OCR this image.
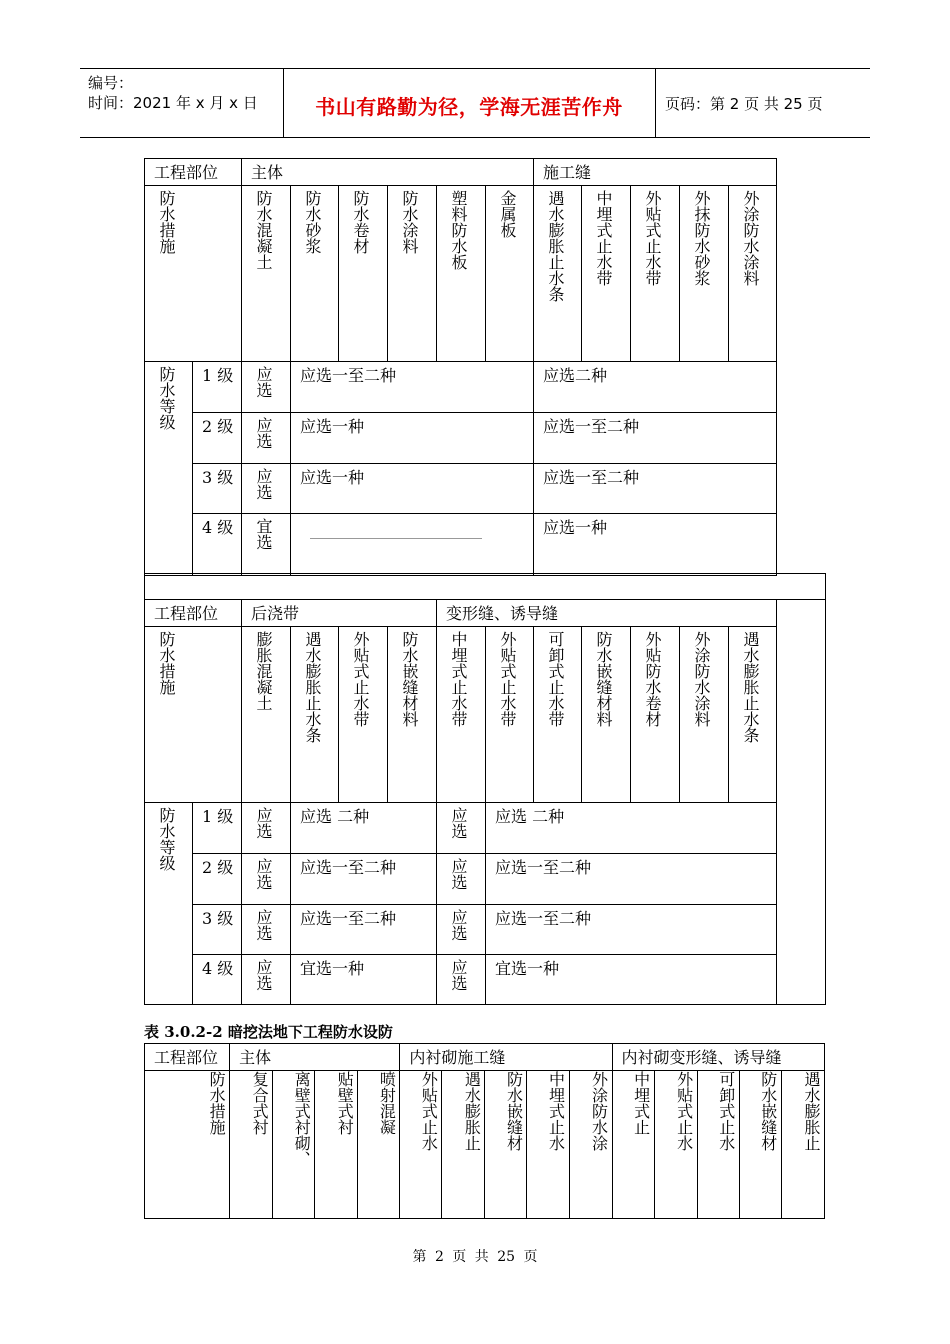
编号：
时间：2021 年 x 月 x 日	书山有路勤为径，学海无涯苦作舟	页码：第 2 页 共 25 页
工程部位		主体						施工缝				
防水措施		防水混凝土	防水砂浆	防水卷材	防水涂料	塑料防水板	金属板	遇水膨胀止水条	中埋式止水带	外贴式止水带	外抹防水砂浆	外涂防水涂料
防水等级	1 级	应选	应选一至二种					应选二种				
	2 级	应选	应选一种					应选一至二种				
	3 级	应选	应选一种					应选一至二种				
	4 级	宜选						应选一种				

工程部位		后浇带				变形缝、诱导缝							
防水措施		膨胀混凝土	遇水膨胀止水条	外贴式止水带	防水嵌缝材料	中埋式止水带	外贴式止水带	可卸式止水带	防水嵌缝材料	外贴防水卷材	外涂防水涂料	遇水膨胀止水条	
防水等级	1 级	应选	应选 二种			应选	应选 二种						
	2 级	应选	应选一至二种			应选	应选一至二种						
	3 级	应选	应选一至二种			应选	应选一至二种						
	4 级	应选	宜选一种			应选	宜选一种						
表 3.0.2-2 暗挖法地下工程防水设防
工程部位	主体				内衬砌施工缝					内衬砌变形缝、诱导缝				
防水措施	复合式衬	离壁式衬砌、	贴壁式衬	喷射混凝	外贴式止水	遇水膨胀止	防水嵌缝材	中埋式止水	外涂防水涂	中埋式止	外贴式止水	可卸式止水	防水嵌缝材	遇水膨胀止
第 2 页 共 25 页
